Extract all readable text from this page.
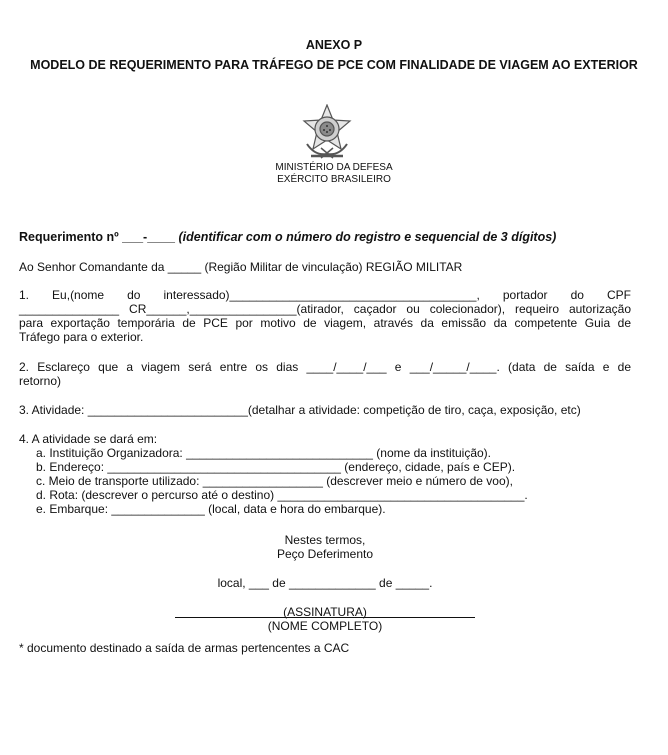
ANEXO P
MODELO DE REQUERIMENTO PARA TRÁFEGO DE PCE COM FINALIDADE DE VIAGEM AO EXTERIOR
MINISTÉRIO DA DEFESA
EXÉRCITO BRASILEIRO
Requerimento nº ___-____ (identificar com o número do registro e sequencial de 3 dígitos)
Ao Senhor Comandante da _____ (Região Militar de vinculação) REGIÃO MILITAR
1. Eu,(nome do interessado)_____________________________________, portador do CPF
_______________ CR______,________________(atirador, caçador ou colecionador), requeiro autorização
para exportação temporária de PCE por motivo de viagem, através da emissão da competente Guia de
Tráfego para o exterior.
2. Esclareço que a viagem será entre os dias ____/____/___ e ___/_____/____. (data de saída e de
retorno)
3. Atividade: ________________________(detalhar a atividade: competição de tiro, caça, exposição, etc)
4. A atividade se dará em:
a. Instituição Organizadora: ____________________________ (nome da instituição).
b. Endereço: ___________________________________ (endereço, cidade, país e CEP).
c. Meio de transporte utilizado: __________________ (descrever meio e número de voo),
d. Rota: (descrever o percurso até o destino) _____________________________________.
e. Embarque: ______________ (local, data e hora do embarque).
Nestes termos,
Peço Deferimento
local, ___ de _____________ de _____.
(ASSINATURA)
(NOME COMPLETO)
* documento destinado a saída de armas pertencentes a CAC
